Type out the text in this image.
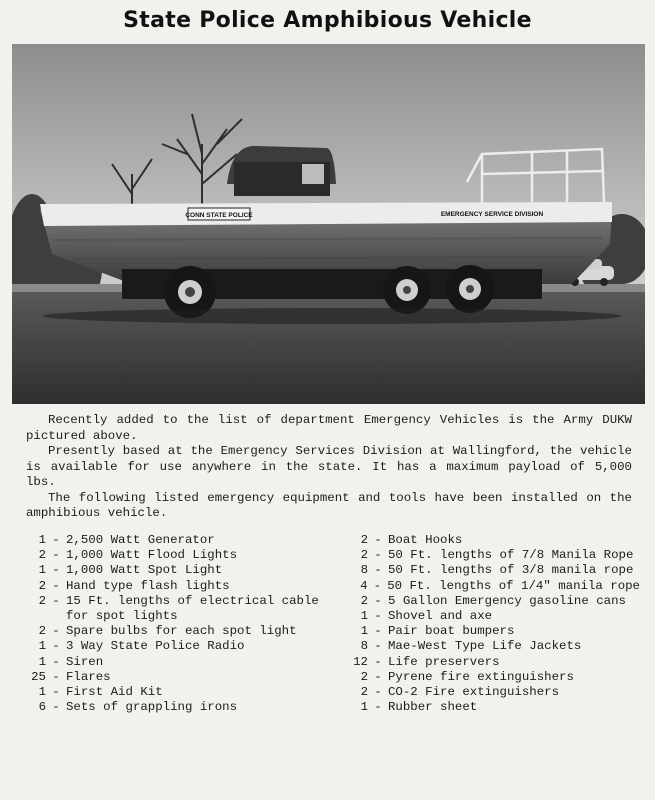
State Police Amphibious Vehicle
CONN STATE POLICE	EMERGENCY SERVICE DIVISION

Recently added to the list of department Emergency Vehicles is the Army DUKW pictured above.

Presently based at the Emergency Services Division at Wallingford, the vehicle is available for use anywhere in the state. It has a maximum payload of 5,000 lbs.

The following listed emergency equipment and tools have been installed on the amphibious vehicle.

1 - 2,500 Watt Generator
2 - 1,000 Watt Flood Lights
1 - 1,000 Watt Spot Light
2 - Hand type flash lights
2 - 15 Ft. lengths of electrical cable
for spot lights
2 - Spare bulbs for each spot light
1 - 3 Way State Police Radio
1 - Siren
25 - Flares
1 - First Aid Kit
6 - Sets of grappling irons
2 - Boat Hooks
2 - 50 Ft. lengths of 7/8 Manila Rope
8 - 50 Ft. lengths of 3/8 manila rope
4 - 50 Ft. lengths of 1/4" manila rope
2 - 5 Gallon Emergency gasoline cans
1 - Shovel and axe
1 - Pair boat bumpers
8 - Mae-West Type Life Jackets
12 - Life preservers
2 - Pyrene fire extinguishers
2 - CO-2 Fire extinguishers
1 - Rubber sheet
